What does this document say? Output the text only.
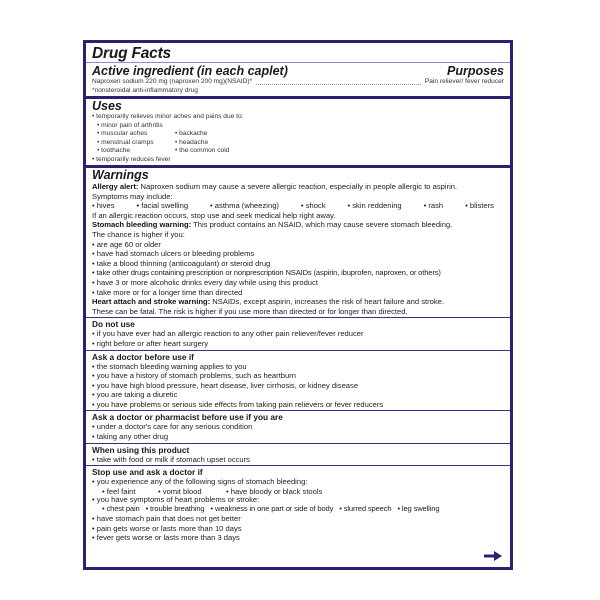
Drug Facts
Active ingredient (in each caplet)	Purposes
Naproxen sodium 220 mg (naproxen 200 mg)(NSAID)*	Pain reliever/ fever reducer
*nonsteroidal anti-inflammatory drug
Uses
• temporarily relieves minor aches and pains due to:
• minor pain of arthritis
• muscular aches	• backache
• menstrual cramps	• headache
• toothache	• the common cold
• temporarily reduces fever
Warnings
Allergy alert: Naproxen sodium may cause a severe allergic reaction, especially in people allergic to aspirin.
Symptoms may include:
• hives	• facial swelling	• asthma (wheezing)	• shock	• skin reddening	• rash	• blisters
If an allergic reaction occurs, stop use and seek medical help right away.
Stomach bleeding warning: This product contains an NSAID, which may cause severe stomach bleeding.
The chance is higher if you:
• are age 60 or older
• have had stomach ulcers or bleeding problems
• take a blood thinning (anticoagulant) or steroid drug
• take other drugs containing prescription or nonprescription NSAIDs (aspirin, ibuprofen, naproxen, or others)
• have 3 or more alcoholic drinks every day while using this product
• take more or for a longer time than directed
Heart attach and stroke warning: NSAIDs, except aspirin, increases the risk of heart failure and stroke.
These can be fatal. The risk is higher if you use more than directed or for longer than directed.
Do not use
• if you have ever had an allergic reaction to any other pain reliever/fever reducer
• right before or after heart surgery
Ask a doctor before use if
• the stomach bleeding warning applies to you
• you have a history of stomach problems, such as heartburn
• you have high blood pressure, heart disease, liver cirrhosis, or kidney disease
• you are taking a diuretic
• you have problems or serious side effects from taking pain relievers or fever reducers
Ask a doctor or pharmacist before use if you are
• under a doctor's care for any serious condition
• taking any other drug
When using this product
• take with food or milk if stomach upset occurs
Stop use and ask a doctor if
• you experience any of the following signs of stomach bleeding:
• feel faint	• vomit blood	• have bloody or black stools
• you have symptoms of heart problems or stroke:
• chest pain • trouble breathing • weakness in one part or side of body • slurred speech • leg swelling
• have stomach pain that does not get better
• pain gets worse or lasts more than 10 days
• fever gets worse or lasts more than 3 days
